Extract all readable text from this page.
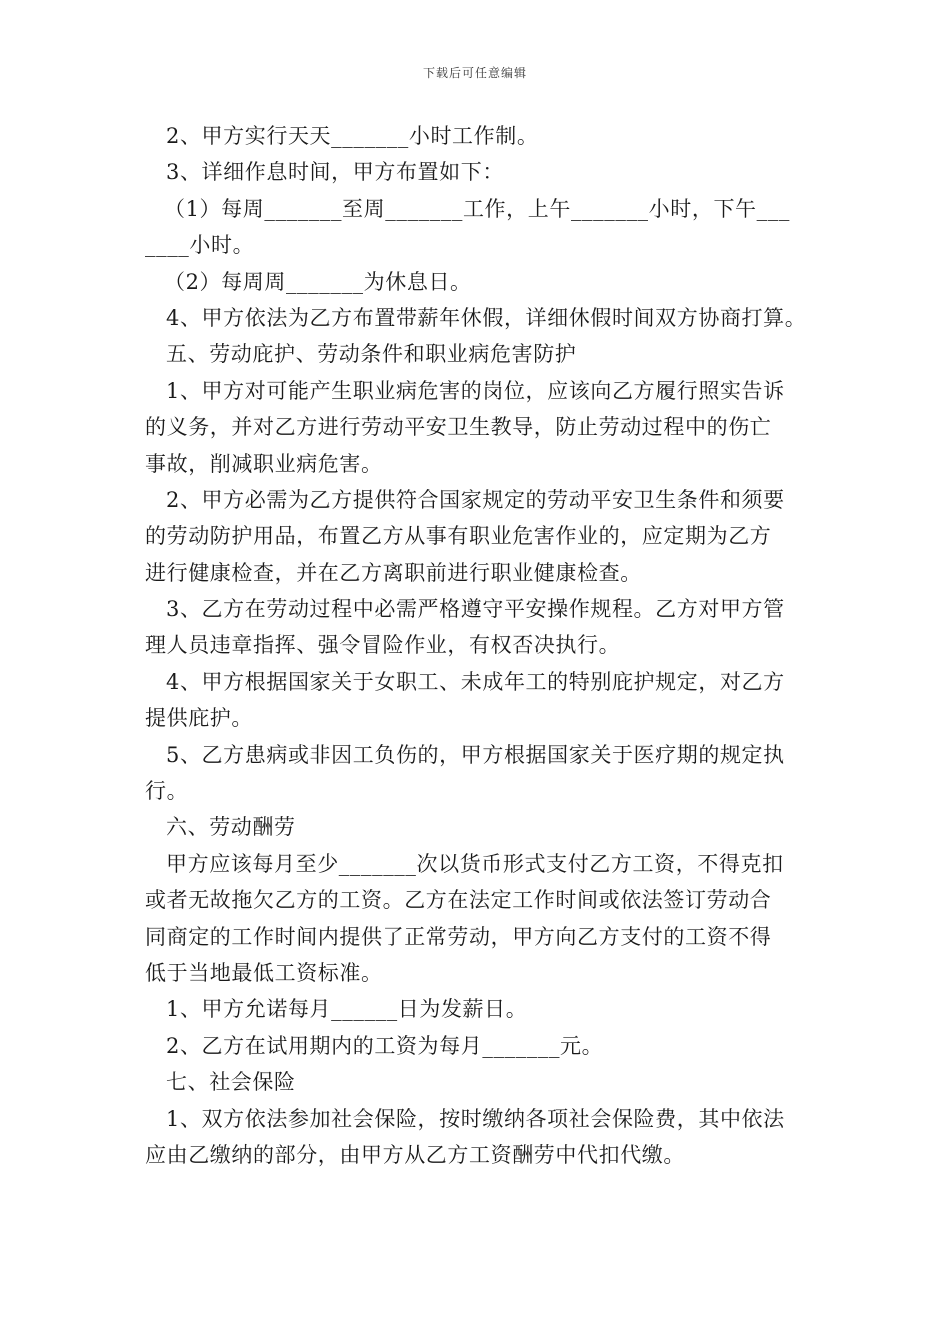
下载后可任意编辑
2、甲方实行天天_______小时工作制。
3、详细作息时间，甲方布置如下：
（1）每周_______至周_______工作，上午_______小时，下午___
____小时。
（2）每周周_______为休息日。
4、甲方依法为乙方布置带薪年休假，详细休假时间双方协商打算。
五、劳动庇护、劳动条件和职业病危害防护
1、甲方对可能产生职业病危害的岗位，应该向乙方履行照实告诉
的义务，并对乙方进行劳动平安卫生教导，防止劳动过程中的伤亡
事故，削减职业病危害。
2、甲方必需为乙方提供符合国家规定的劳动平安卫生条件和须要
的劳动防护用品，布置乙方从事有职业危害作业的，应定期为乙方
进行健康检查，并在乙方离职前进行职业健康检查。
3、乙方在劳动过程中必需严格遵守平安操作规程。乙方对甲方管
理人员违章指挥、强令冒险作业，有权否决执行。
4、甲方根据国家关于女职工、未成年工的特别庇护规定，对乙方
提供庇护。
5、乙方患病或非因工负伤的，甲方根据国家关于医疗期的规定执
行。
六、劳动酬劳
甲方应该每月至少_______次以货币形式支付乙方工资，不得克扣
或者无故拖欠乙方的工资。乙方在法定工作时间或依法签订劳动合
同商定的工作时间内提供了正常劳动，甲方向乙方支付的工资不得
低于当地最低工资标准。
1、甲方允诺每月______日为发薪日。
2、乙方在试用期内的工资为每月_______元。
七、社会保险
1、双方依法参加社会保险，按时缴纳各项社会保险费，其中依法
应由乙缴纳的部分，由甲方从乙方工资酬劳中代扣代缴。
